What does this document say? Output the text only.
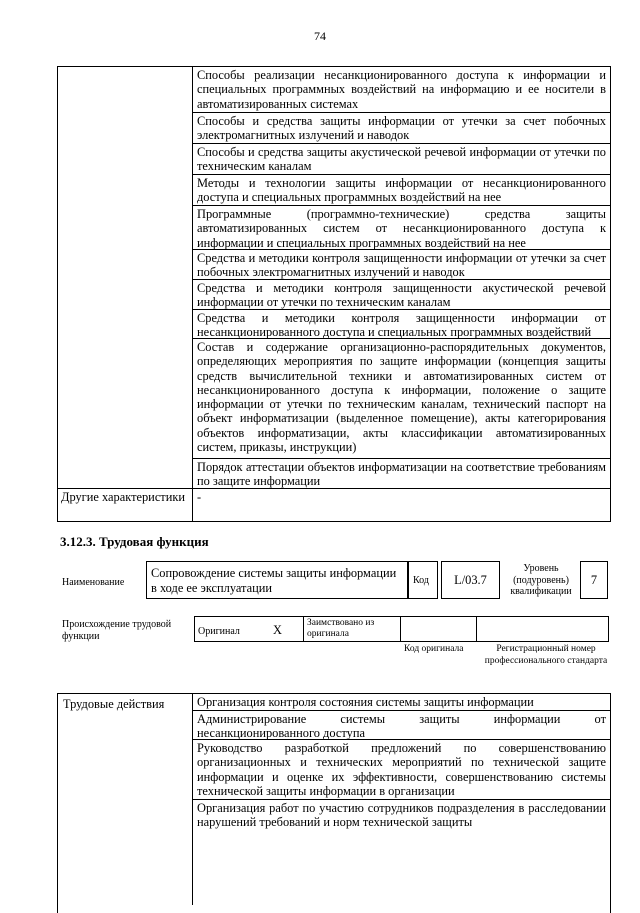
74
Способы реализации несанкционированного доступа к информации и специальных программных воздействий на информацию и ее носители в автоматизированных системах
Способы и средства защиты информации от утечки за счет побочных электромагнитных излучений и наводок
Способы и средства защиты акустической речевой информации от утечки по техническим каналам
Методы и технологии защиты информации от несанкционированного доступа и специальных программных воздействий на нее
Программные (программно-технические) средства защиты автоматизированных систем от несанкционированного доступа к информации и специальных программных воздействий на нее
Средства и методики контроля защищенности информации от утечки за счет побочных электромагнитных излучений и наводок
Средства и методики контроля защищенности акустической речевой информации от утечки по техническим каналам
Средства и методики контроля защищенности информации от несанкционированного доступа и специальных программных воздействий
Состав и содержание организационно-распорядительных документов, определяющих мероприятия по защите информации (концепция защиты средств вычислительной техники и автоматизированных систем от несанкционированного доступа к информации, положение о защите информации от утечки по техническим каналам, технический паспорт на объект информатизации (выделенное помещение), акты категорирования объектов информатизации, акты классификации автоматизированных систем, приказы, инструкции)
Порядок аттестации объектов информатизации на соответствие требованиям по защите информации
Другие характеристики -
3.12.3. Трудовая функция
Наименование
Сопровождение системы защиты информации в ходе ее эксплуатации	Код	L/03.7
Уровень (подуровень) квалификации
7
Происхождение трудовой функции	Оригинал	X	Заимствовано из оригинала
Код оригинала	Регистрационный номер профессионального стандарта
Трудовые действия	Организация контроля состояния системы защиты информации
Администрирование системы защиты информации от несанкционированного доступа
Руководство разработкой предложений по совершенствованию организационных и технических мероприятий по технической защите информации и оценке их эффективности, совершенствованию системы технической защиты информации в организации
Организация работ по участию сотрудников подразделения в расследовании нарушений требований и норм технической защиты
